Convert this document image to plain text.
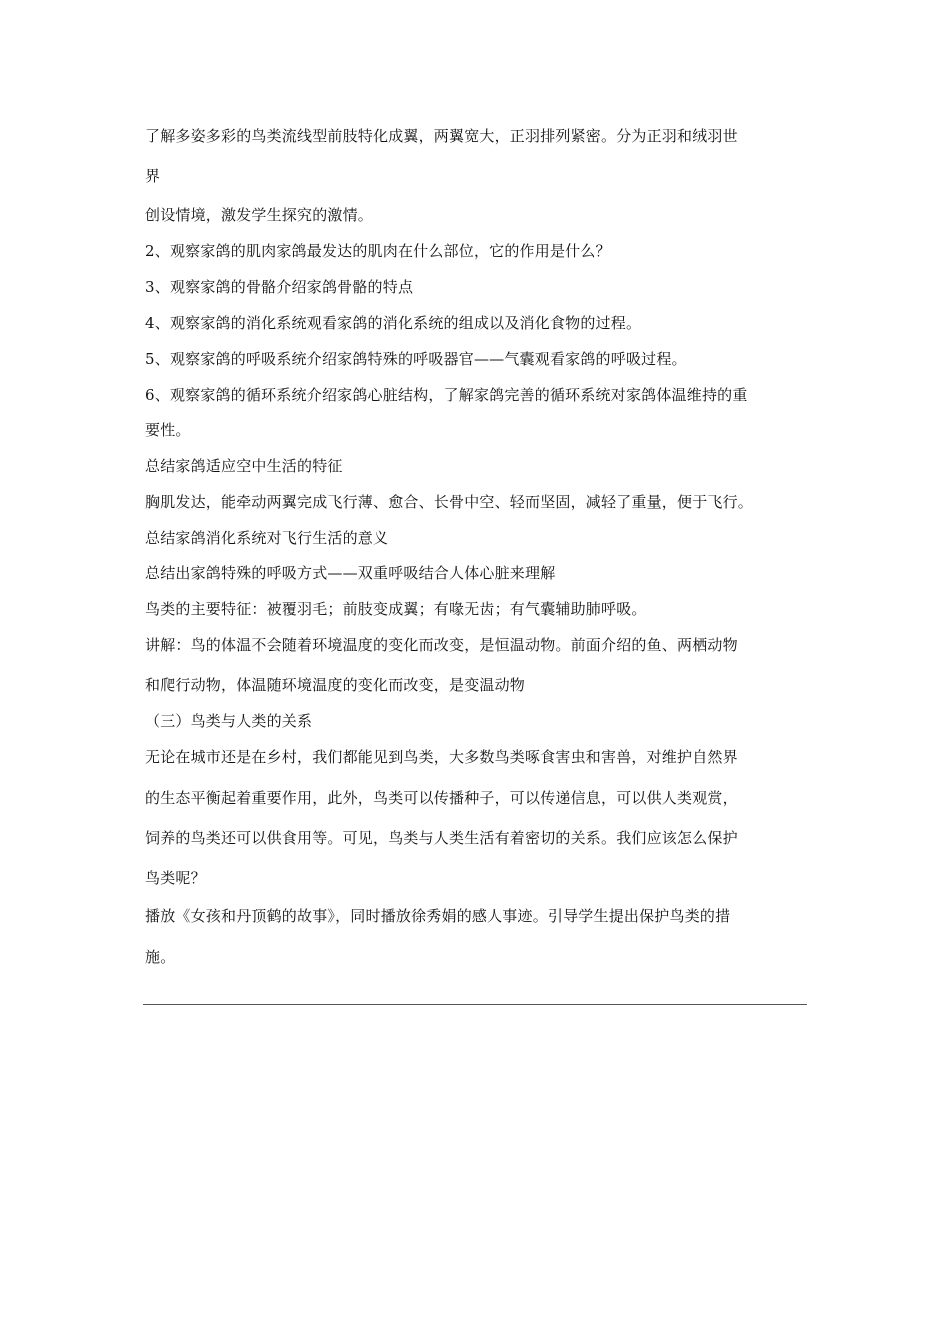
了解多姿多彩的鸟类流线型前肢特化成翼，两翼宽大，正羽排列紧密。分为正羽和绒羽世
界
创设情境，激发学生探究的激情。
2、观察家鸽的肌肉家鸽最发达的肌肉在什么部位，它的作用是什么？
3、观察家鸽的骨骼介绍家鸽骨骼的特点
4、观察家鸽的消化系统观看家鸽的消化系统的组成以及消化食物的过程。
5、观察家鸽的呼吸系统介绍家鸽特殊的呼吸器官——气囊观看家鸽的呼吸过程。
6、观察家鸽的循环系统介绍家鸽心脏结构，了解家鸽完善的循环系统对家鸽体温维持的重
要性。
总结家鸽适应空中生活的特征
胸肌发达，能牵动两翼完成飞行薄、愈合、长骨中空、轻而坚固，减轻了重量，便于飞行。
总结家鸽消化系统对飞行生活的意义
总结出家鸽特殊的呼吸方式——双重呼吸结合人体心脏来理解
鸟类的主要特征：被覆羽毛；前肢变成翼；有喙无齿；有气囊辅助肺呼吸。
讲解：鸟的体温不会随着环境温度的变化而改变，是恒温动物。前面介绍的鱼、两栖动物
和爬行动物，体温随环境温度的变化而改变，是变温动物
（三）鸟类与人类的关系
无论在城市还是在乡村，我们都能见到鸟类，大多数鸟类啄食害虫和害兽，对维护自然界
的生态平衡起着重要作用，此外，鸟类可以传播种子，可以传递信息，可以供人类观赏，
饲养的鸟类还可以供食用等。可见，鸟类与人类生活有着密切的关系。我们应该怎么保护
鸟类呢？
播放《女孩和丹顶鹤的故事》，同时播放徐秀娟的感人事迹。引导学生提出保护鸟类的措
施。
